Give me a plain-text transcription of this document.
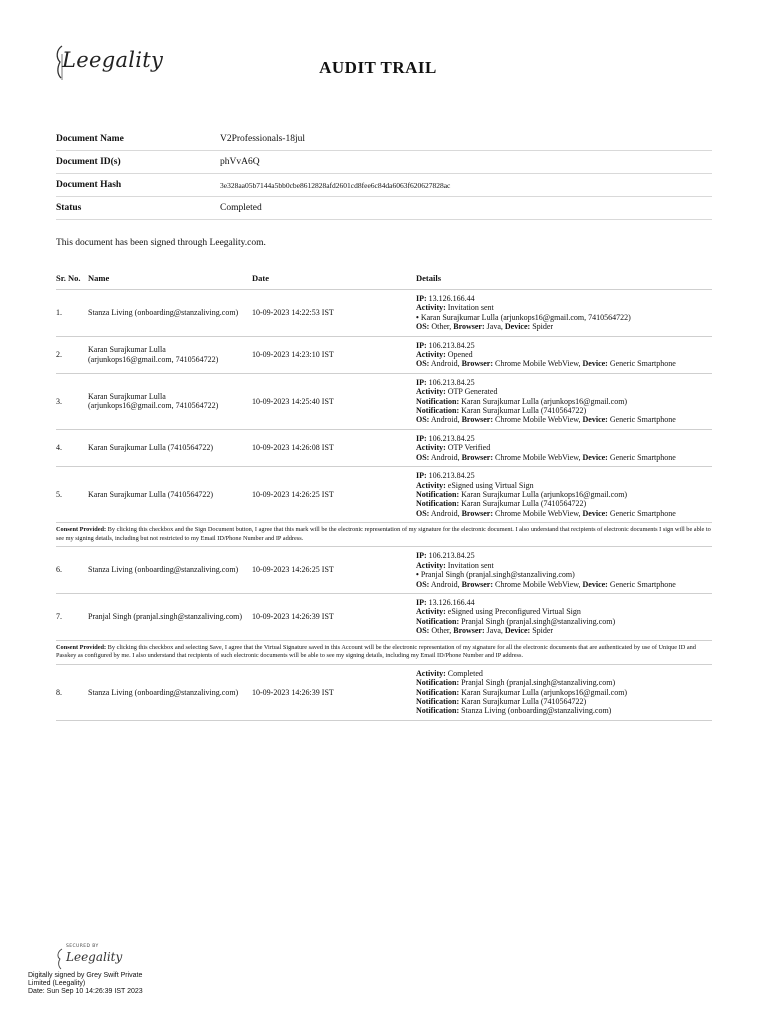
Leegality	AUDIT TRAIL
Document Name	V2Professionals-18jul
Document ID(s)	phVvA6Q
Document Hash	3e328aa05b7144a5bb0cbe8612828afd2601cd8fee6c84da6063f620627828ac
Status	Completed
This document has been signed through Leegality.com.
Sr. No. Name	Date	Details
1.	Stanza Living (onboarding@stanzaliving.com)	10-09-2023 14:22:53 IST
IP: 13.126.166.44
Activity: Invitation sent
• Karan Surajkumar Lulla (arjunkops16@gmail.com, 7410564722)
OS: Other, Browser: Java, Device: Spider
2.
Karan Surajkumar Lulla (arjunkops16@gmail.com, 7410564722)
10-09-2023 14:23:10 IST
IP: 106.213.84.25
Activity: Opened
OS: Android, Browser: Chrome Mobile WebView, Device: Generic Smartphone
3.
Karan Surajkumar Lulla (arjunkops16@gmail.com, 7410564722)
10-09-2023 14:25:40 IST
IP: 106.213.84.25
Activity: OTP Generated
Notification: Karan Surajkumar Lulla (arjunkops16@gmail.com)
Notification: Karan Surajkumar Lulla (7410564722)
OS: Android, Browser: Chrome Mobile WebView, Device: Generic Smartphone
4.	Karan Surajkumar Lulla (7410564722)	10-09-2023 14:26:08 IST
IP: 106.213.84.25
Activity: OTP Verified
OS: Android, Browser: Chrome Mobile WebView, Device: Generic Smartphone
5.	Karan Surajkumar Lulla (7410564722)	10-09-2023 14:26:25 IST
IP: 106.213.84.25
Activity: eSigned using Virtual Sign
Notification: Karan Surajkumar Lulla (arjunkops16@gmail.com)
Notification: Karan Surajkumar Lulla (7410564722)
OS: Android, Browser: Chrome Mobile WebView, Device: Generic Smartphone
Consent Provided: By clicking this checkbox and the Sign Document button, I agree that this mark will be the electronic representation of my signature for the electronic document. I also understand that recipients of electronic documents I sign will be able to see my signing details, including but not restricted to my Email ID/Phone Number and IP address.
6.	Stanza Living (onboarding@stanzaliving.com)	10-09-2023 14:26:25 IST
IP: 106.213.84.25
Activity: Invitation sent
• Pranjal Singh (pranjal.singh@stanzaliving.com)
OS: Android, Browser: Chrome Mobile WebView, Device: Generic Smartphone
7.	Pranjal Singh (pranjal.singh@stanzaliving.com)	10-09-2023 14:26:39 IST
IP: 13.126.166.44
Activity: eSigned using Preconfigured Virtual Sign
Notification: Pranjal Singh (pranjal.singh@stanzaliving.com)
OS: Other, Browser: Java, Device: Spider
Consent Provided: By clicking this checkbox and selecting Save, I agree that the Virtual Signature saved in this Account will be the electronic representation of my signature for all the electronic documents that are authenticated by use of Unique ID and Passkey as configured by me. I also understand that recipients of such electronic documents will be able to see my signing details, including my Email ID/Phone Number and IP address.
8.	Stanza Living (onboarding@stanzaliving.com)	10-09-2023 14:26:39 IST
Activity: Completed
Notification: Pranjal Singh (pranjal.singh@stanzaliving.com)
Notification: Karan Surajkumar Lulla (arjunkops16@gmail.com)
Notification: Karan Surajkumar Lulla (7410564722)
Notification: Stanza Living (onboarding@stanzaliving.com)
SECURED BY
Leegality
Digitally signed by Grey Swift Private
Limited (Leegality)
Date: Sun Sep 10 14:26:39 IST 2023
